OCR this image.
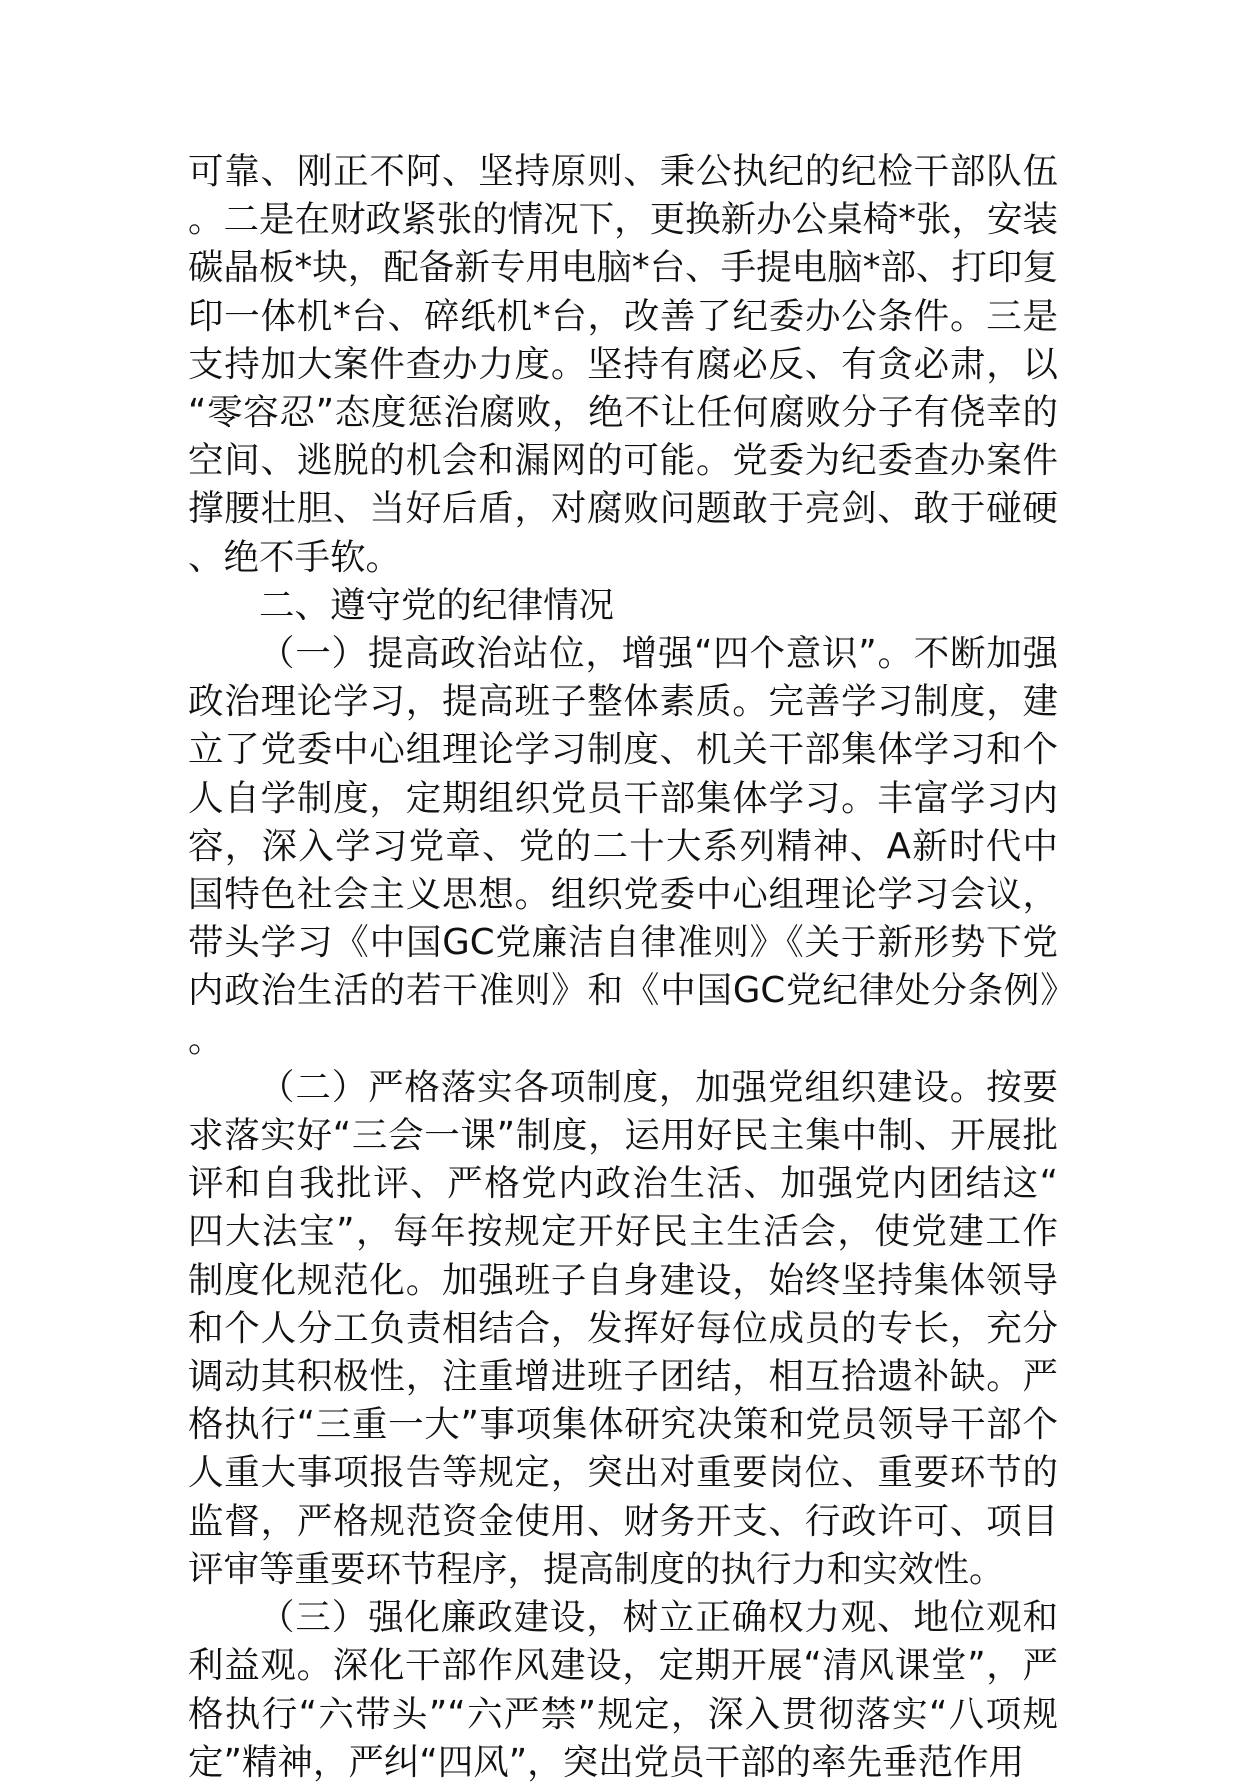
可靠、刚正不阿、坚持原则、秉公执纪的纪检干部队伍。二是在财政紧张的情况下，更换新办公桌椅*张，安装碳晶板*块，配备新专用电脑*台、手提电脑*部、打印复印一体机*台、碎纸机*台，改善了纪委办公条件。三是支持加大案件查办力度。坚持有腐必反、有贪必肃，以“零容忍”态度惩治腐败，绝不让任何腐败分子有侥幸的空间、逃脱的机会和漏网的可能。党委为纪委查办案件撑腰壮胆、当好后盾，对腐败问题敢于亮剑、敢于碰硬、绝不手软。

二、遵守党的纪律情况

（一）提高政治站位，增强“四个意识”。不断加强政治理论学习，提高班子整体素质。完善学习制度，建立了党委中心组理论学习制度、机关干部集体学习和个人自学制度，定期组织党员干部集体学习。丰富学习内容，深入学习党章、党的二十大系列精神、A新时代中国特色社会主义思想。组织党委中心组理论学习会议，带头学习《中国GC党廉洁自律准则》《关于新形势下党内政治生活的若干准则》和《中国GC党纪律处分条例》。

（二）严格落实各项制度，加强党组织建设。按要求落实好“三会一课”制度，运用好民主集中制、开展批评和自我批评、严格党内政治生活、加强党内团结这“四大法宝”，每年按规定开好民主生活会，使党建工作制度化规范化。加强班子自身建设，始终坚持集体领导和个人分工负责相结合，发挥好每位成员的专长，充分调动其积极性，注重增进班子团结，相互拾遗补缺。严格执行“三重一大”事项集体研究决策和党员领导干部个人重大事项报告等规定，突出对重要岗位、重要环节的监督，严格规范资金使用、财务开支、行政许可、项目评审等重要环节程序，提高制度的执行力和实效性。

（三）强化廉政建设，树立正确权力观、地位观和利益观。深化干部作风建设，定期开展“清风课堂”，严格执行“六带头”“六严禁”规定，深入贯彻落实“八项规定”精神，严纠“四风”，突出党员干部的率先垂范作用
